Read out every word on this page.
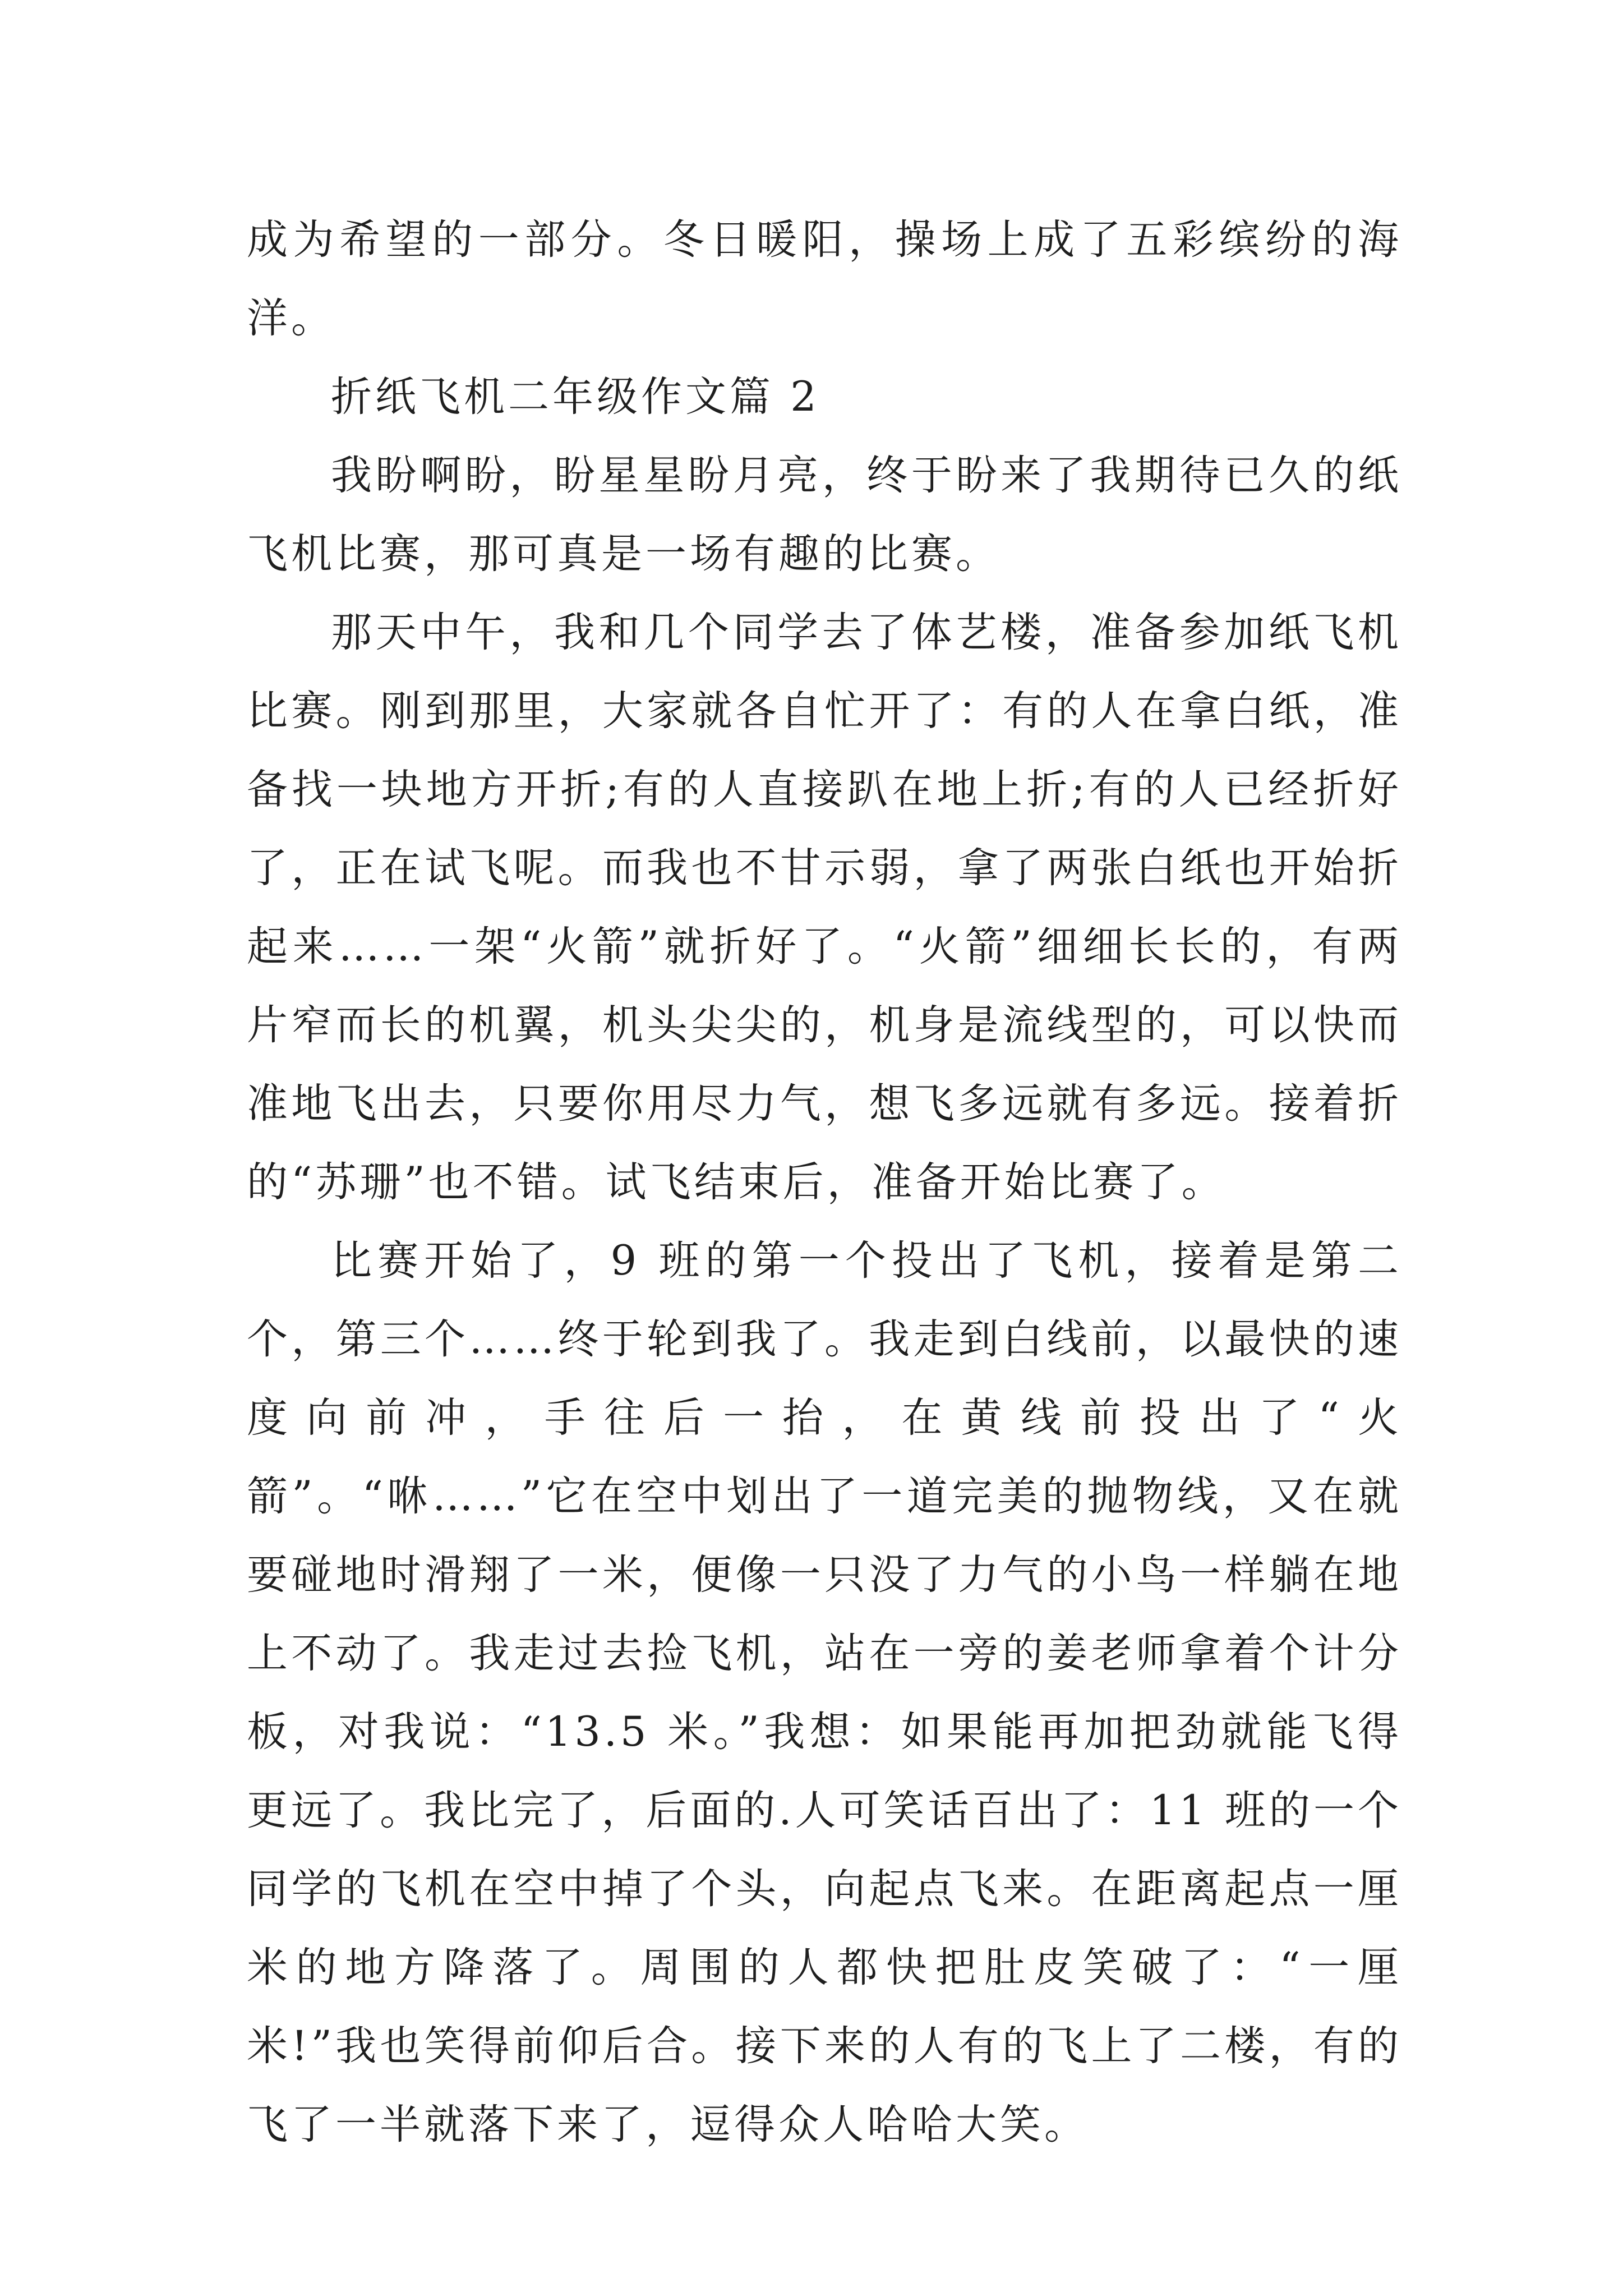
成为希望的一部分。冬日暖阳，操场上成了五彩缤纷的海洋。

折纸飞机二年级作文篇 2

我盼啊盼，盼星星盼月亮，终于盼来了我期待已久的纸飞机比赛，那可真是一场有趣的比赛。

那天中午，我和几个同学去了体艺楼，准备参加纸飞机比赛。刚到那里，大家就各自忙开了：有的人在拿白纸，准备找一块地方开折;有的人直接趴在地上折;有的人已经折好了，正在试飞呢。而我也不甘示弱，拿了两张白纸也开始折起来……一架“火箭”就折好了。“火箭”细细长长的，有两片窄而长的机翼，机头尖尖的，机身是流线型的，可以快而准地飞出去，只要你用尽力气，想飞多远就有多远。接着折的“苏珊”也不错。试飞结束后，准备开始比赛了。

比赛开始了，9 班的第一个投出了飞机，接着是第二个，第三个……终于轮到我了。我走到白线前，以最快的速度向前冲，手往后一抬，在黄线前投出了“火箭”。“咻……”它在空中划出了一道完美的抛物线，又在就要碰地时滑翔了一米，便像一只没了力气的小鸟一样躺在地上不动了。我走过去捡飞机，站在一旁的姜老师拿着个计分板，对我说：“13.5 米。”我想：如果能再加把劲就能飞得更远了。我比完了，后面的.人可笑话百出了：11 班的一个同学的飞机在空中掉了个头，向起点飞来。在距离起点一厘米的地方降落了。周围的人都快把肚皮笑破了：“一厘米!”我也笑得前仰后合。接下来的人有的飞上了二楼，有的飞了一半就落下来了，逗得众人哈哈大笑。
